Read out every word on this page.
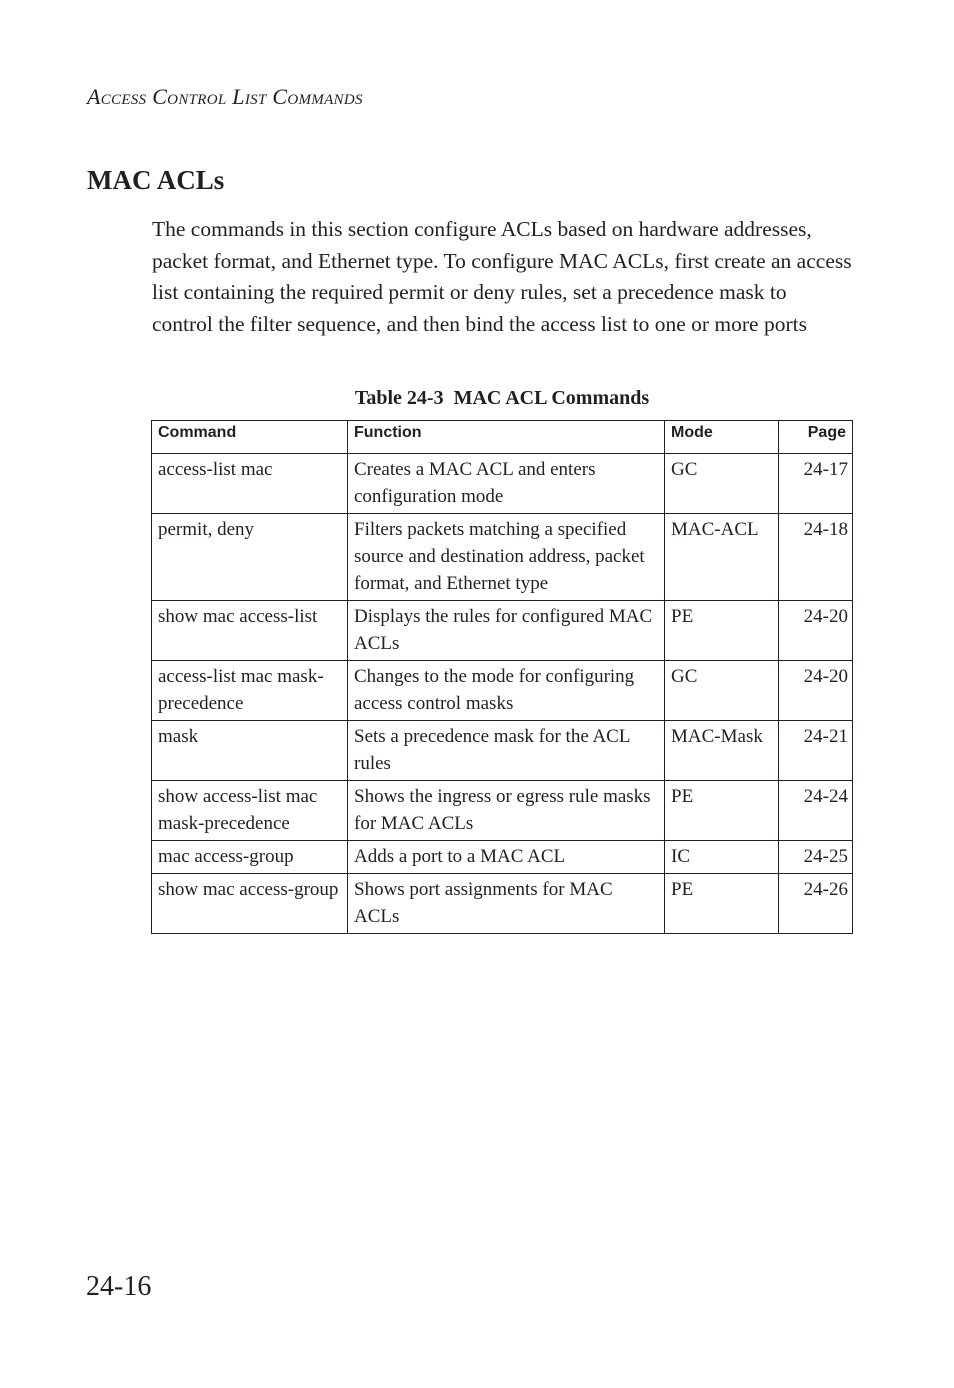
Access Control List Commands
MAC ACLs

The commands in this section configure ACLs based on hardware addresses, packet format, and Ethernet type. To configure MAC ACLs, first create an access list containing the required permit or deny rules, set a precedence mask to control the filter sequence, and then bind the access list to one or more ports

Table 24-3  MAC ACL Commands
Command	Function	Mode	Page
access-list mac	Creates a MAC ACL and enters configuration mode	GC	24-17
permit, deny	Filters packets matching a specified source and destination address, packet format, and Ethernet type	MAC-ACL	24-18
show mac access-list	Displays the rules for configured MAC ACLs	PE	24-20
access-list mac mask-precedence	Changes to the mode for configuring access control masks	GC	24-20
mask	Sets a precedence mask for the ACL rules	MAC-Mask	24-21
show access-list mac mask-precedence	Shows the ingress or egress rule masks for MAC ACLs	PE	24-24
mac access-group	Adds a port to a MAC ACL	IC	24-25
show mac access-group	Shows port assignments for MAC ACLs	PE	24-26
24-16
